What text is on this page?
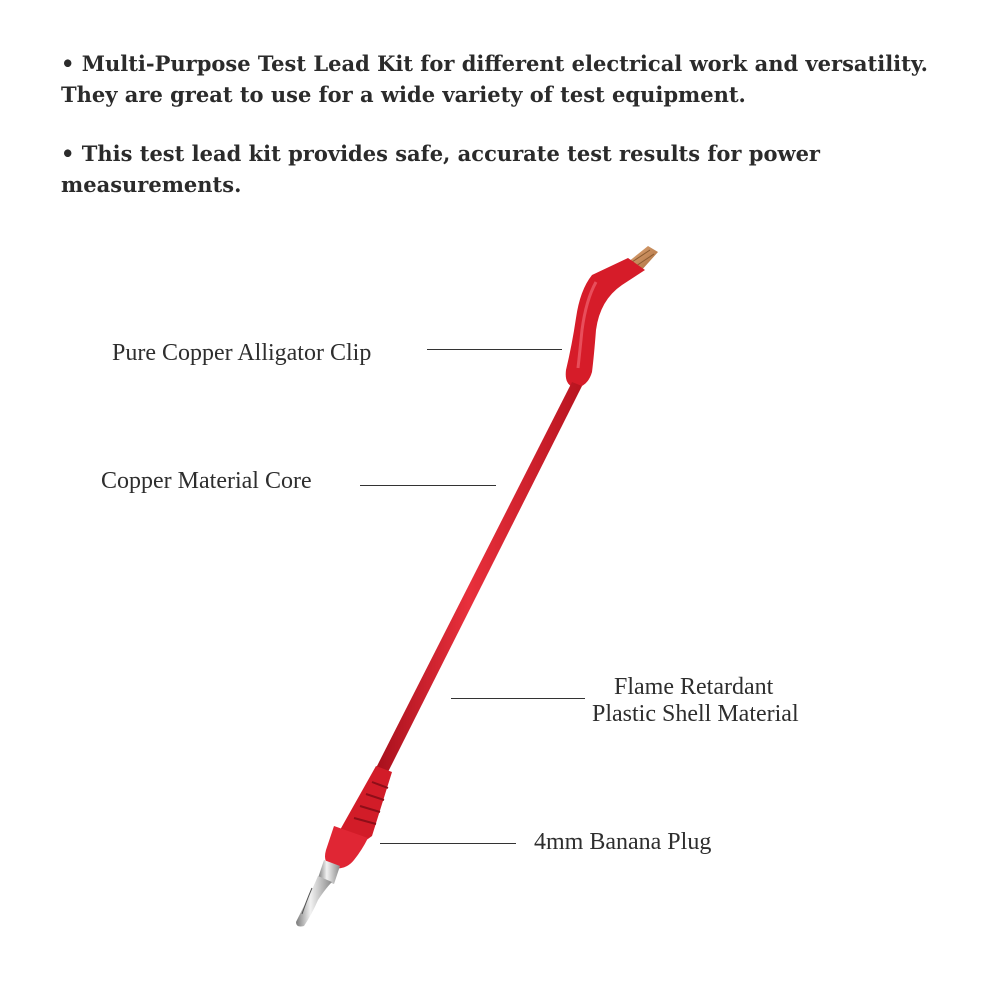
• Multi-Purpose Test Lead Kit for different electrical work and versatility. They are great to use for a wide variety of test equipment.

• This test lead kit provides safe, accurate test results for power measurements.

Pure Copper Alligator Clip
Copper Material Core
Flame Retardant
Plastic Shell Material
4mm Banana Plug
